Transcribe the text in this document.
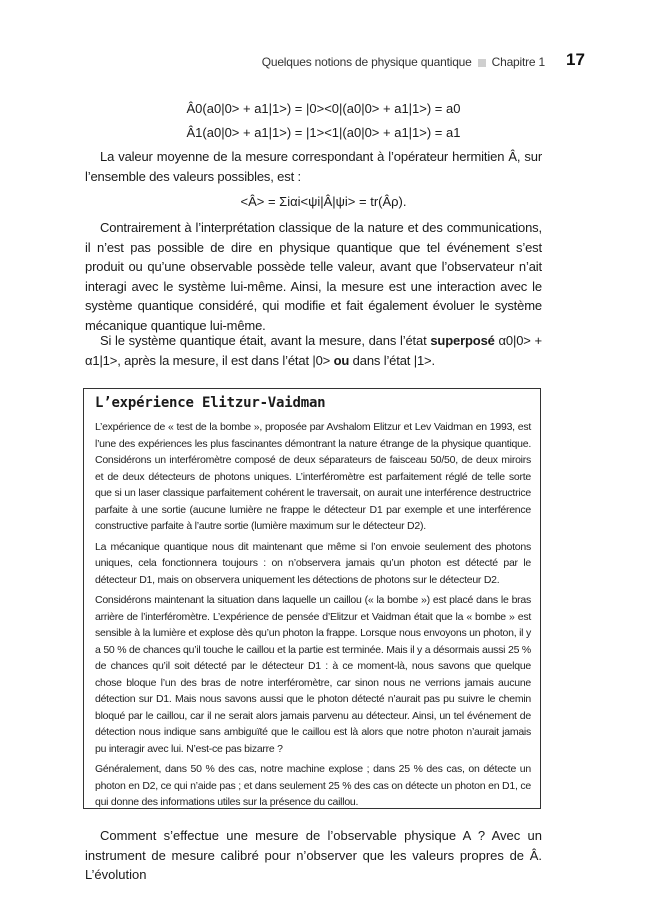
Quelques notions de physique quantique Chapitre 1 17
Â0(a0|0> + a1|1>) = |0><0|(a0|0> + a1|1>) = a0
Â1(a0|0> + a1|1>) = |1><1|(a0|0> + a1|1>) = a1

La valeur moyenne de la mesure correspondant à l’opérateur hermitien Â, sur l’ensemble des valeurs possibles, est :

<Â> = Σiαi<ψi|Â|ψi> = tr(Âρ).

Contrairement à l’interprétation classique de la nature et des communications, il n’est pas possible de dire en physique quantique que tel événement s’est produit ou qu’une observable possède telle valeur, avant que l’observateur n’ait interagi avec le système lui-même. Ainsi, la mesure est une interaction avec le système quantique considéré, qui modifie et fait également évoluer le système mécanique quantique lui-même.

Si le système quantique était, avant la mesure, dans l’état superposé α0|0> + α1|1>, après la mesure, il est dans l’état |0> ou dans l’état |1>.

L’expérience Elitzur-Vaidman

L’expérience de « test de la bombe », proposée par Avshalom Elitzur et Lev Vaidman en 1993, est l’une des expériences les plus fascinantes démontrant la nature étrange de la physique quantique. Considérons un interféromètre composé de deux séparateurs de faisceau 50/50, de deux miroirs et de deux détecteurs de photons uniques. L’interféromètre est parfaitement réglé de telle sorte que si un laser classique parfaitement cohérent le traversait, on aurait une interférence destructrice parfaite à une sortie (aucune lumière ne frappe le détecteur D1 par exemple et une interférence constructive parfaite à l’autre sortie (lumière maximum sur le détecteur D2).

La mécanique quantique nous dit maintenant que même si l’on envoie seulement des photons uniques, cela fonctionnera toujours : on n’observera jamais qu’un photon est détecté par le détecteur D1, mais on observera uniquement les détections de photons sur le détecteur D2.

Considérons maintenant la situation dans laquelle un caillou (« la bombe ») est placé dans le bras arrière de l’interféromètre. L’expérience de pensée d’Elitzur et Vaidman était que la « bombe » est sensible à la lumière et explose dès qu’un photon la frappe. Lorsque nous envoyons un photon, il y a 50 % de chances qu’il touche le caillou et la partie est terminée. Mais il y a désormais aussi 25 % de chances qu’il soit détecté par le détecteur D1 : à ce moment-là, nous savons que quelque chose bloque l’un des bras de notre interféromètre, car sinon nous ne verrions jamais aucune détection sur D1. Mais nous savons aussi que le photon détecté n’aurait pas pu suivre le chemin bloqué par le caillou, car il ne serait alors jamais parvenu au détecteur. Ainsi, un tel événement de détection nous indique sans ambiguïté que le caillou est là alors que notre photon n’aurait jamais pu interagir avec lui. N’est-ce pas bizarre ?

Généralement, dans 50 % des cas, notre machine explose ; dans 25 % des cas, on détecte un photon en D2, ce qui n’aide pas ; et dans seulement 25 % des cas on détecte un photon en D1, ce qui donne des informations utiles sur la présence du caillou.

Comment s’effectue une mesure de l’observable physique A ? Avec un instrument de mesure calibré pour n’observer que les valeurs propres de Â. L’évolution
